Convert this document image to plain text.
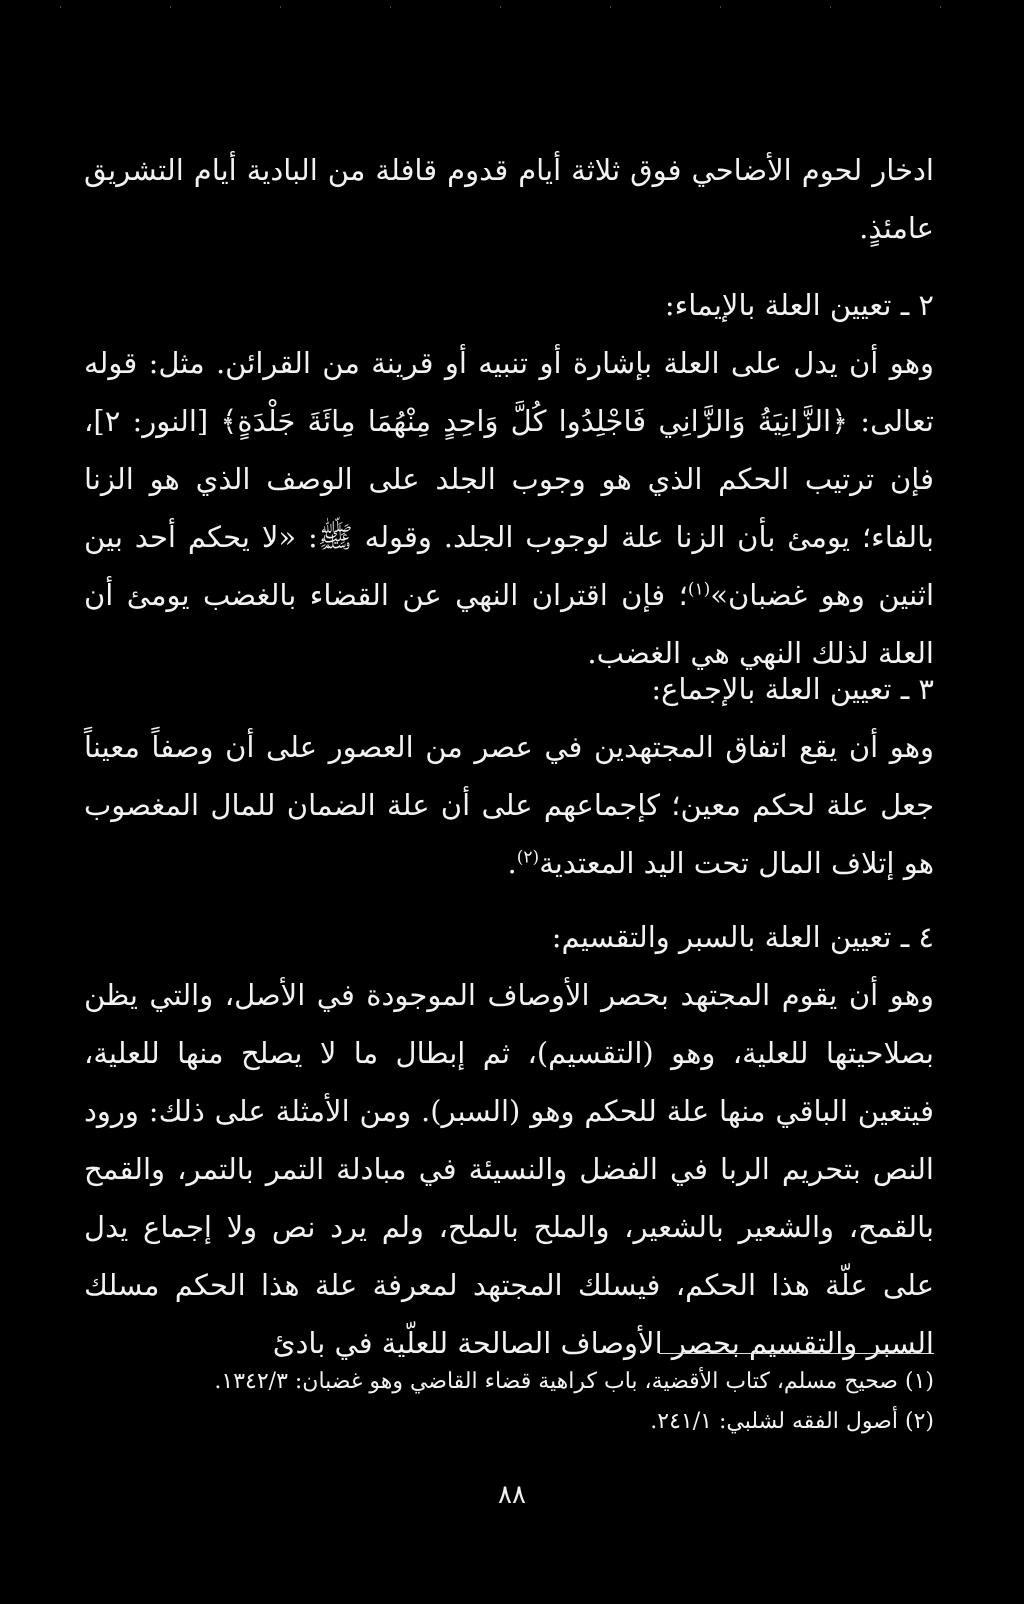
ادخار لحوم الأضاحي فوق ثلاثة أيام قدوم قافلة من البادية أيام التشريق عامئذٍ.

٢ ـ تعيين العلة بالإيماء:

وهو أن يدل على العلة بإشارة أو تنبيه أو قرينة من القرائن. مثل: قوله تعالى: ﴿الزَّانِيَةُ وَالزَّانِي فَاجْلِدُوا كُلَّ وَاحِدٍ مِنْهُمَا مِائَةَ جَلْدَةٍ﴾ [النور: ٢]، فإن ترتيب الحكم الذي هو وجوب الجلد على الوصف الذي هو الزنا بالفاء؛ يومئ بأن الزنا علة لوجوب الجلد. وقوله ﷺ: «لا يحكم أحد بين اثنين وهو غضبان»$^{(١)}$؛ فإن اقتران النهي عن القضاء بالغضب يومئ أن العلة لذلك النهي هي الغضب.

٣ ـ تعيين العلة بالإجماع:

وهو أن يقع اتفاق المجتهدين في عصر من العصور على أن وصفاً معيناً جعل علة لحكم معين؛ كإجماعهم على أن علة الضمان للمال المغصوب هو إتلاف المال تحت اليد المعتدية$^{(٢)}$.

٤ ـ تعيين العلة بالسبر والتقسيم:

وهو أن يقوم المجتهد بحصر الأوصاف الموجودة في الأصل، والتي يظن بصلاحيتها للعلية، وهو (التقسيم)، ثم إبطال ما لا يصلح منها للعلية، فيتعين الباقي منها علة للحكم وهو (السبر). ومن الأمثلة على ذلك: ورود النص بتحريم الربا في الفضل والنسيئة في مبادلة التمر بالتمر، والقمح بالقمح، والشعير بالشعير، والملح بالملح، ولم يرد نص ولا إجماع يدل على علّة هذا الحكم، فيسلك المجتهد لمعرفة علة هذا الحكم مسلك السبر والتقسيم بحصر الأوصاف الصالحة للعلّية في بادئ

(١) صحيح مسلم، كتاب الأقضية، باب كراهية قضاء القاضي وهو غضبان: ١٣٤٢/٣.

(٢) أصول الفقه لشلبي: ٢٤١/١.

٨٨
